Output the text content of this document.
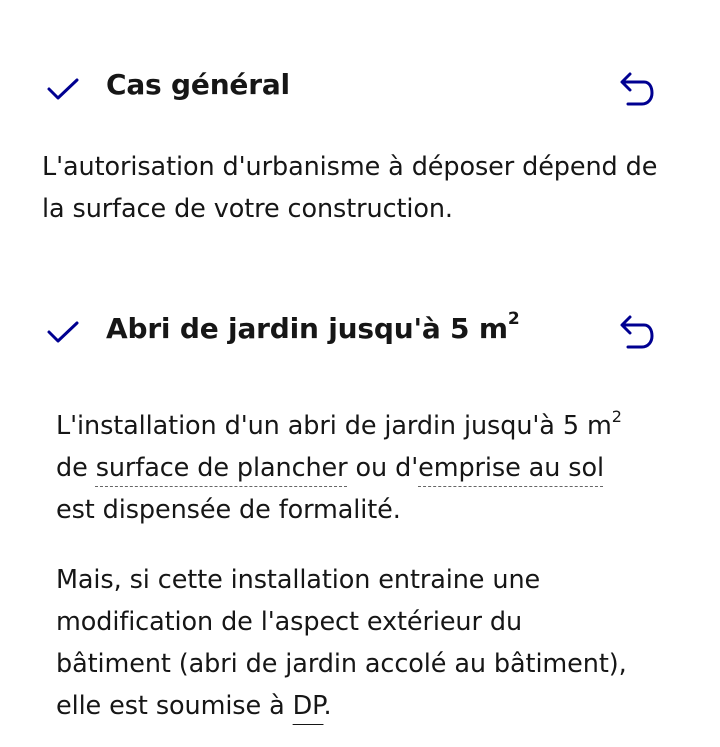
Cas général
L'autorisation d'urbanisme à déposer dépend de la surface de votre construction.
Abri de jardin jusqu'à 5 $m^2$
L'installation d'un abri de jardin jusqu'à 5 $m^2$
de surface de plancher ou d'emprise au sol
est dispensée de formalité.
Mais, si cette installation entraine une
modification de l'aspect extérieur du
bâtiment (abri de jardin accolé au bâtiment),
elle est soumise à DP.
